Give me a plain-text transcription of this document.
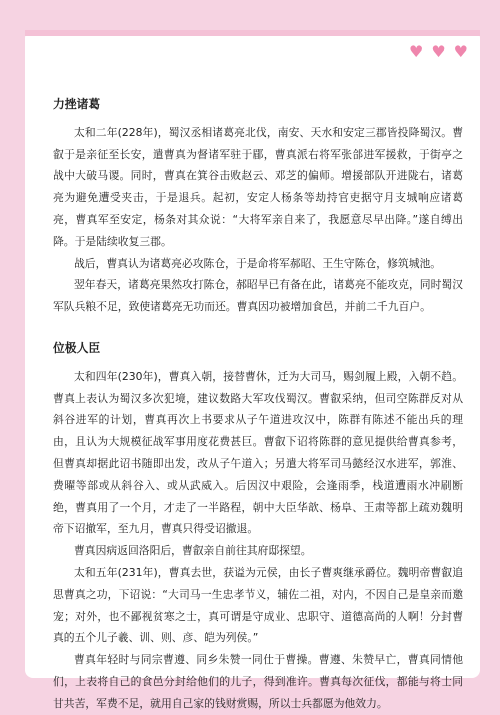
♥ ♥ ♥
力挫诸葛

太和二年(228年)，蜀汉丞相诸葛亮北伐，南安、天水和安定三郡皆投降蜀汉。曹叡于是亲征至长安，遣曹真为督诸军驻于郿，曹真派右将军张郃进军援救，于街亭之战中大破马谡。同时，曹真在箕谷击败赵云、邓芝的偏师。增援部队开进陇右，诸葛亮为避免遭受夹击，于是退兵。起初，安定人杨条等劫持官吏据守月支城响应诸葛亮，曹真军至安定，杨条对其众说：“大将军亲自来了，我愿意尽早出降。”遂自缚出降。于是陆续收复三郡。

战后，曹真认为诸葛亮必攻陈仓，于是命将军郝昭、王生守陈仓，修筑城池。

翌年春天，诸葛亮果然攻打陈仓，郝昭早已有备在此，诸葛亮不能攻克，同时蜀汉军队兵粮不足，致使诸葛亮无功而还。曹真因功被增加食邑，并前二千九百户。

位极人臣

太和四年(230年)，曹真入朝，接替曹休，迁为大司马，赐剑履上殿，入朝不趋。曹真上表认为蜀汉多次犯境，建议数路大军攻伐蜀汉。曹叡采纳，但司空陈群反对从斜谷进军的计划，曹真再次上书要求从子午道进攻汉中，陈群有陈述不能出兵的理由，且认为大规模征战军事用度花费甚巨。曹叡下诏将陈群的意见提供给曹真参考，但曹真却据此诏书随即出发，改从子午道入；另遣大将军司马懿经汉水进军，郭淮、费曜等部或从斜谷入、或从武威入。后因汉中艰险，会逢雨季，栈道遭雨水冲刷断绝，曹真用了一个月，才走了一半路程，朝中大臣华歆、杨阜、王肃等都上疏劝魏明帝下诏撤军，至九月，曹真只得受诏撤退。

曹真因病返回洛阳后，曹叡亲自前往其府邸探望。

太和五年(231年)，曹真去世，获谥为元侯，由长子曹爽继承爵位。魏明帝曹叡追思曹真之功，下诏说：“大司马一生忠孝节义，辅佐二祖，对内，不因自己是皇亲而邀宠；对外，也不鄙视贫寒之士，真可谓是守成业、忠职守、道德高尚的人啊！分封曹真的五个儿子羲、训、则、彦、皑为列侯。”

曹真年轻时与同宗曹遵、同乡朱赞一同仕于曹操。曹遵、朱赞早亡，曹真同情他们，上表将自己的食邑分封给他们的儿子，得到准许。曹真每次征伐，都能与将士同甘共苦，军费不足，就用自己家的钱财赏赐，所以士兵都愿为他效力。
